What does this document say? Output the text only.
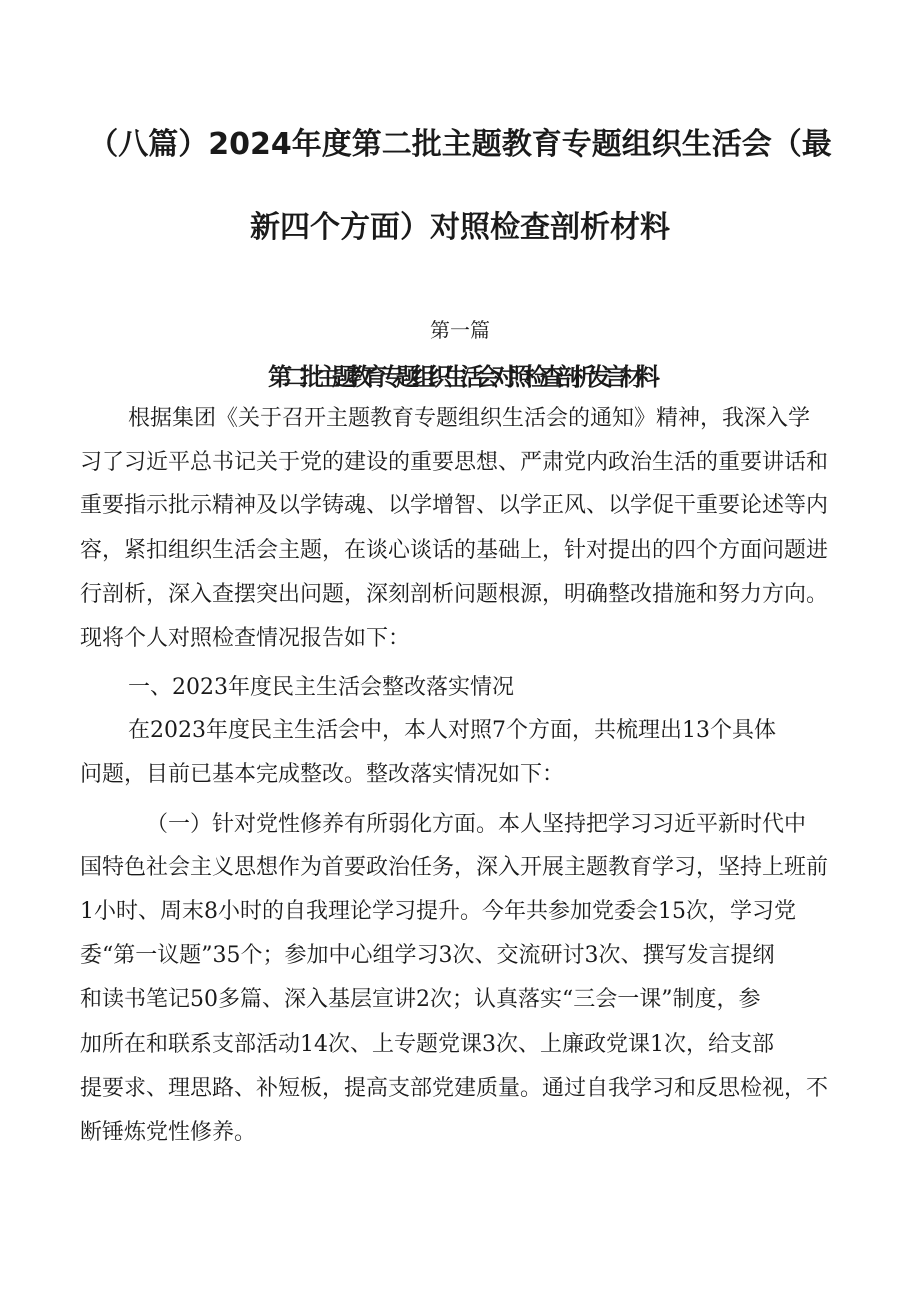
（八篇）2024年度第二批主题教育专题组织生活会（最
新四个方面）对照检查剖析材料
第一篇
第二批主题教育专题组织生活会对照检查剖析发言材料
根据集团《关于召开主题教育专题组织生活会的通知》精神，我深入学
习了习近平总书记关于党的建设的重要思想、严肃党内政治生活的重要讲话和
重要指示批示精神及以学铸魂、以学增智、以学正风、以学促干重要论述等内
容，紧扣组织生活会主题，在谈心谈话的基础上，针对提出的四个方面问题进
行剖析，深入查摆突出问题，深刻剖析问题根源，明确整改措施和努力方向。
现将个人对照检查情况报告如下：
一、2023年度民主生活会整改落实情况
在2023年度民主生活会中，本人对照7个方面，共梳理出13个具体
问题，目前已基本完成整改。整改落实情况如下：
（一）针对党性修养有所弱化方面。本人坚持把学习习近平新时代中
国特色社会主义思想作为首要政治任务，深入开展主题教育学习，坚持上班前
1小时、周末8小时的自我理论学习提升。今年共参加党委会15次，学习党
委“第一议题”35个；参加中心组学习3次、交流研讨3次、撰写发言提纲
和读书笔记50多篇、深入基层宣讲2次；认真落实“三会一课”制度，参
加所在和联系支部活动14次、上专题党课3次、上廉政党课1次，给支部
提要求、理思路、补短板，提高支部党建质量。通过自我学习和反思检视，不
断锤炼党性修养。
